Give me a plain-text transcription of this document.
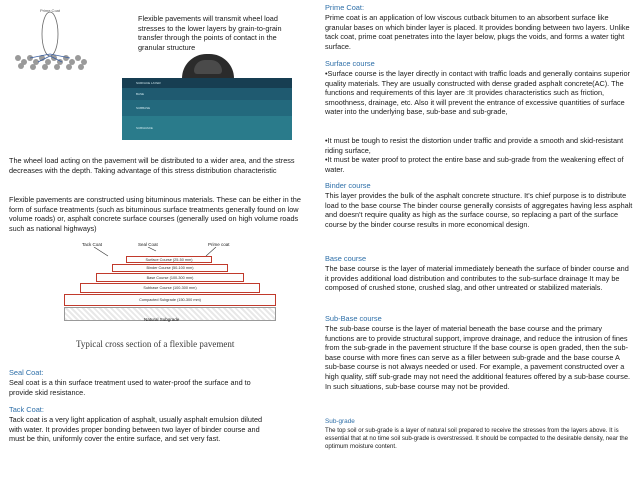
Prime Coat

Flexible pavements will transmit wheel load stresses to the lower layers by grain-to-grain transfer through the points of contact in the granular structure

SURFACE LAYER
BASE
SUBBASE
SUBGRADE

The wheel load acting on the pavement will be distributed to a wider area, and the stress decreases with the depth. Taking advantage of this stress distribution characteristic

Flexible pavements are constructed using bituminous materials. These can be either in the form of surface treatments (such as bituminous surface treatments generally found on low volume roads) or, asphalt concrete surface courses (generally used on high volume roads such as national highways)

Tack Coat	Seal Coat	Prime coat
Surface Course (25-50 mm)
Binder Course (50-100 mm)
Base Course (100-300 mm)
Subbase Course (100-300 mm)
Compacted Subgrade (150-300 mm)
Natural Subgrade

Typical cross section of a flexible pavement

Seal Coat:

Seal coat is a thin surface treatment used to water-proof the surface and to provide skid resistance.

Tack Coat:

Tack coat is a very light application of asphalt, usually asphalt emulsion diluted with water. It provides proper bonding between two layer of binder course and must be thin, uniformly cover the entire surface, and set very fast.

Prime Coat:

Prime coat is an application of low viscous cutback bitumen to an absorbent surface like granular bases on which binder layer is placed. It provides bonding between two layers. Unlike tack coat, prime coat penetrates into the layer below, plugs the voids, and forms a water tight surface.

Surface course

•Surface course is the layer directly in contact with traffic loads and generally contains superior quality materials. They are usually constructed with dense graded asphalt concrete(AC). The functions and requirements of this layer are :It provides characteristics such as friction, smoothness, drainage, etc. Also it will prevent the entrance of excessive quantities of surface water into the underlying base, sub-base and sub-grade,

•It must be tough to resist the distortion under traffic and provide a smooth and skid-resistant riding surface,

•It must be water proof to protect the entire base and sub-grade from the weakening effect of water.

Binder course

This layer provides the bulk of the asphalt concrete structure. It's chief purpose is to distribute load to the base course The binder course generally consists of aggregates having less asphalt and doesn't require quality as high as the surface course, so replacing a part of the surface course by the binder course results in more economical design.

Base course

The base course is the layer of material immediately beneath the surface of binder course and it provides additional load distribution and contributes to the sub-surface drainage It may be composed of crushed stone, crushed slag, and other untreated or stabilized materials.

Sub-Base course

The sub-base course is the layer of material beneath the base course and the primary functions are to provide structural support, improve drainage, and reduce the intrusion of fines from the sub-grade in the pavement structure If the base course is open graded, then the sub-base course with more fines can serve as a filler between sub-grade and the base course A sub-base course is not always needed or used. For example, a pavement constructed over a high quality, stiff sub-grade may not need the additional features offered by a sub-base course. In such situations, sub-base course may not be provided.

Sub-grade

The top soil or sub-grade is a layer of natural soil prepared to receive the stresses from the layers above. It is essential that at no time soil sub-grade is overstressed. It should be compacted to the desirable density, near the optimum moisture content.
